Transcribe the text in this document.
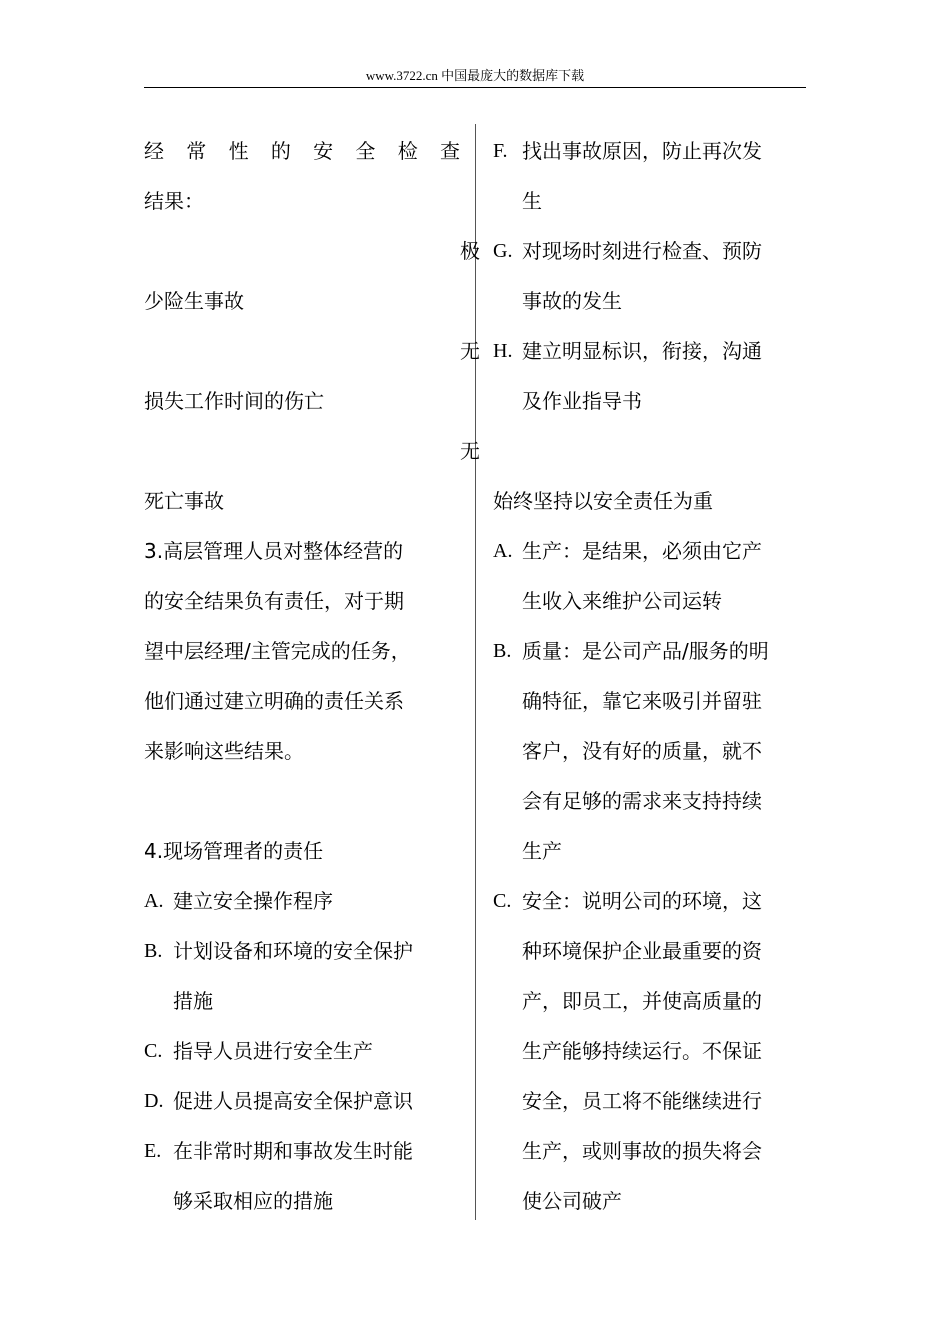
www.3722.cn 中国最庞大的数据库下载
经 常 性 的 安 全 检 查
结果：
极
少险生事故
无
损失工作时间的伤亡
无
死亡事故
3.高层管理人员对整体经营的
的安全结果负有责任，对于期
望中层经理/主管完成的任务，
他们通过建立明确的责任关系
来影响这些结果。
4.现场管理者的责任
A. 建立安全操作程序
B. 计划设备和环境的安全保护
措施
C. 指导人员进行安全生产
D. 促进人员提高安全保护意识
E. 在非常时期和事故发生时能
够采取相应的措施
F. 找出事故原因，防止再次发
生
G. 对现场时刻进行检查、预防
事故的发生
H. 建立明显标识，衔接，沟通
及作业指导书
始终坚持以安全责任为重
A. 生产：是结果，必须由它产
生收入来维护公司运转
B. 质量：是公司产品/服务的明
确特征，靠它来吸引并留驻
客户，没有好的质量，就不
会有足够的需求来支持持续
生产
C. 安全：说明公司的环境，这
种环境保护企业最重要的资
产，即员工，并使高质量的
生产能够持续运行。不保证
安全，员工将不能继续进行
生产，或则事故的损失将会
使公司破产
